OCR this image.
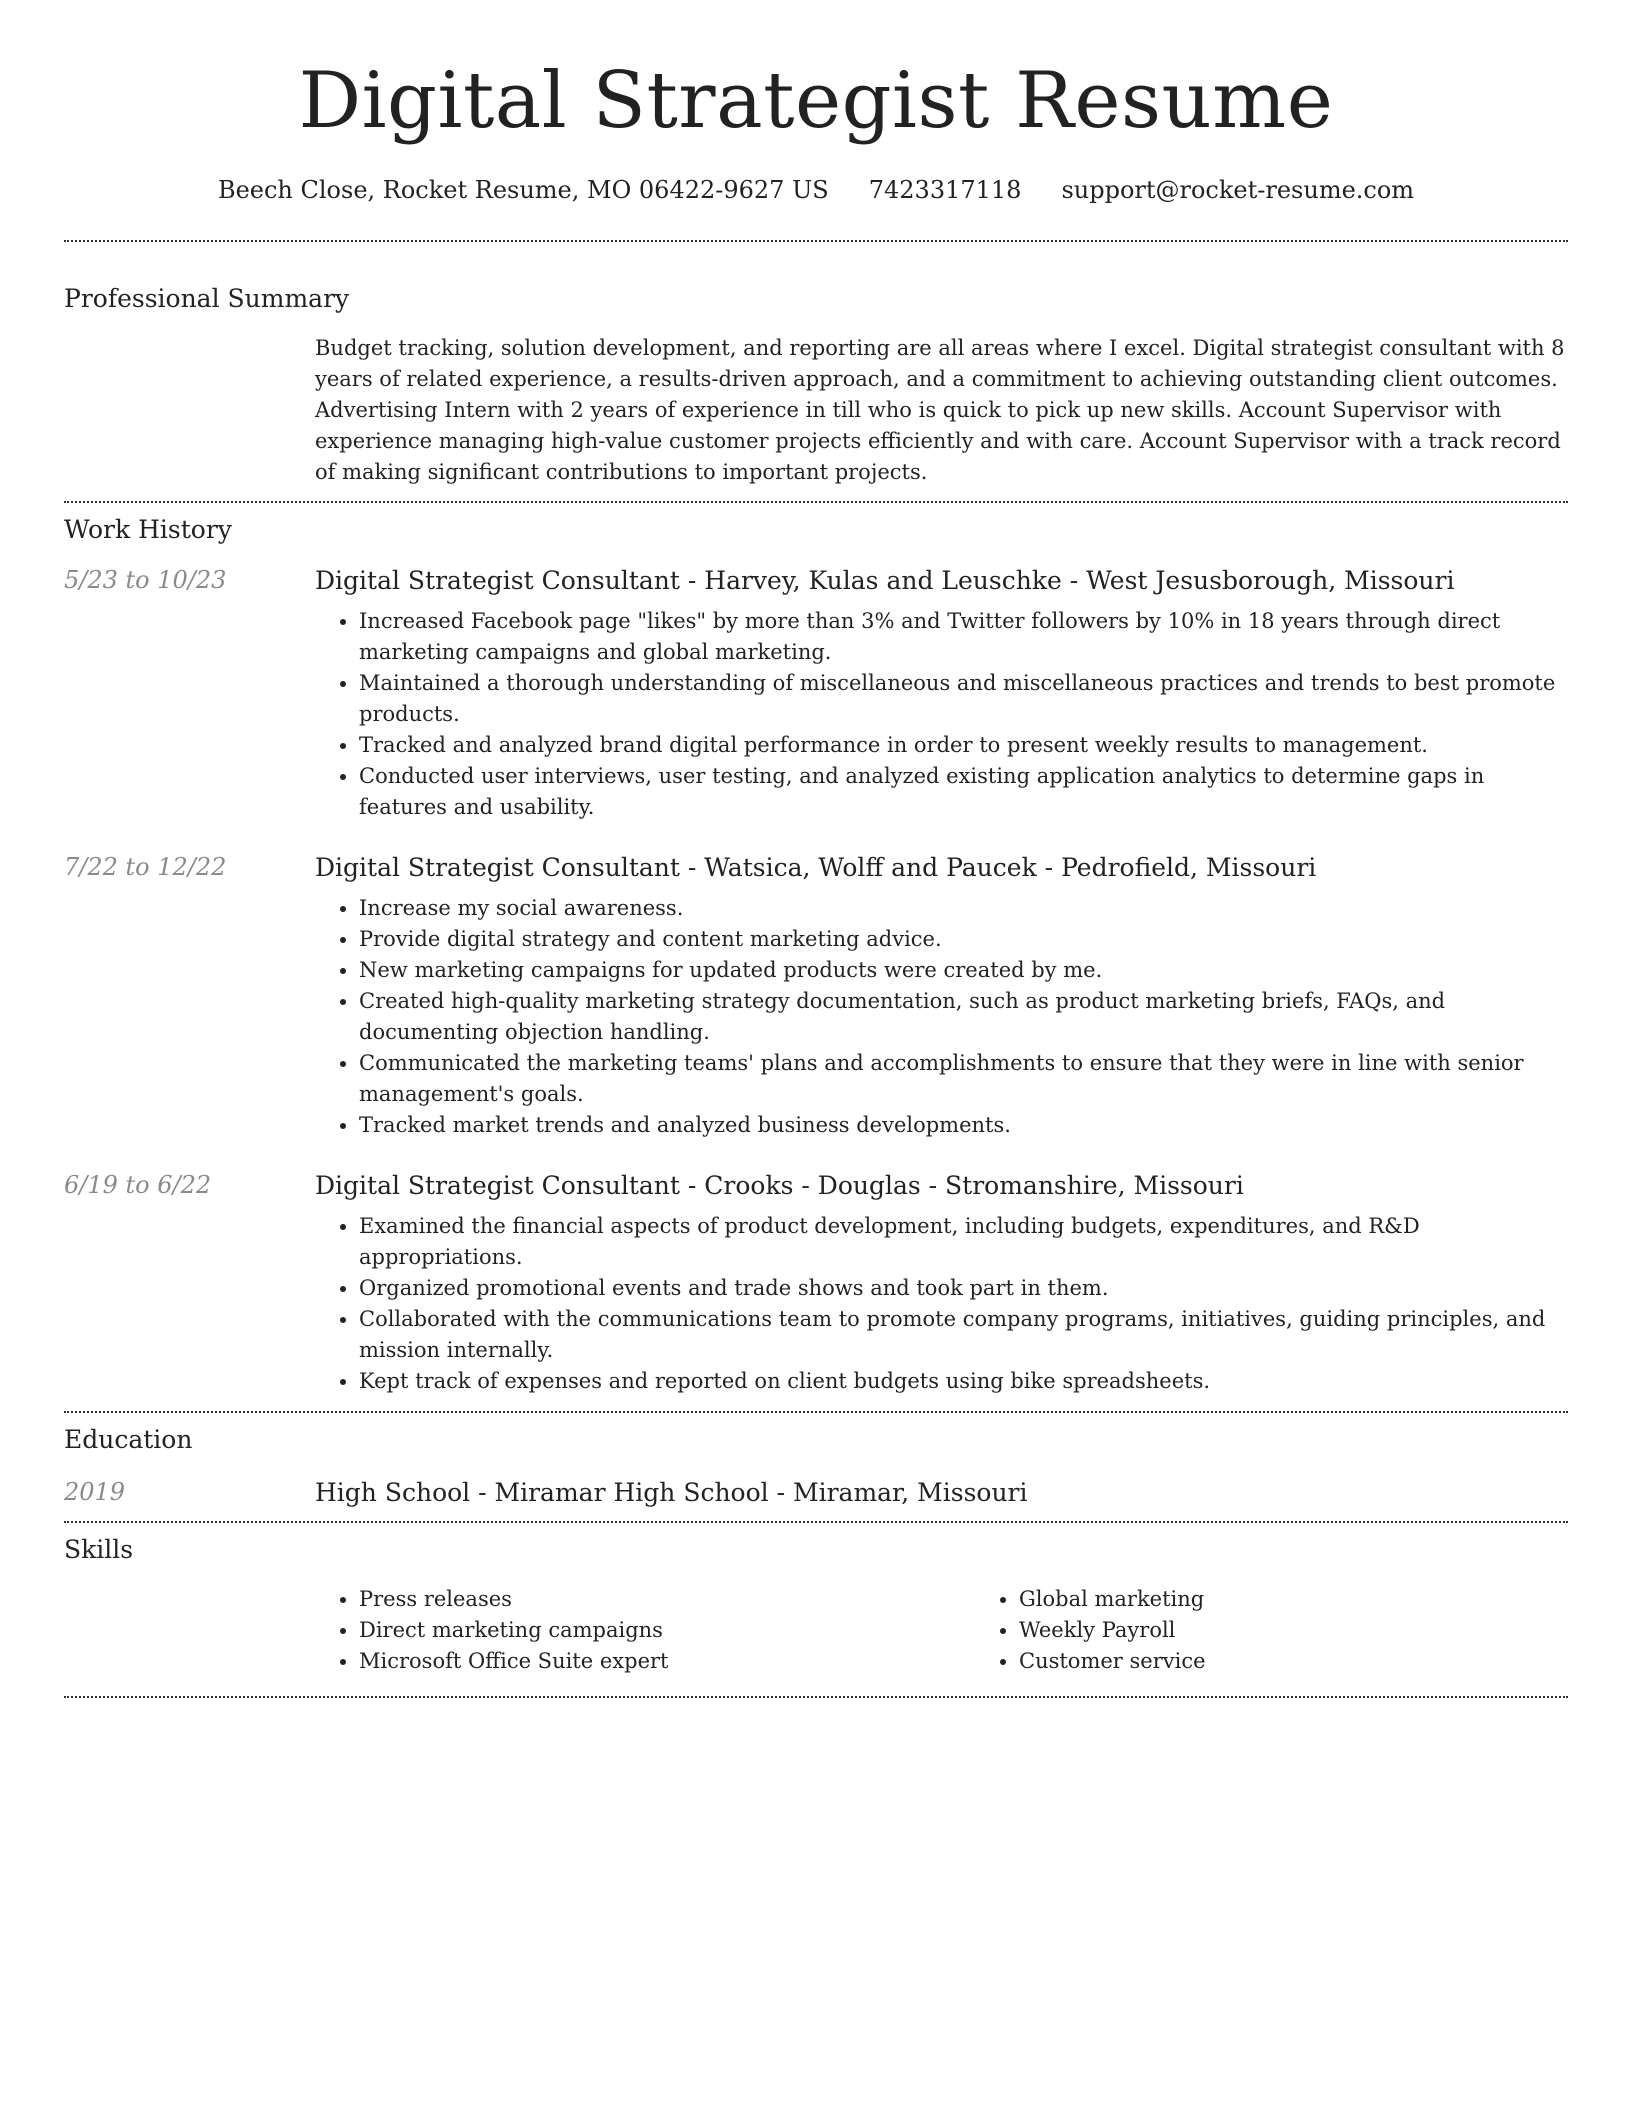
Digital Strategist Resume
Beech Close, Rocket Resume, MO 06422-9627 US 7423317118 support@rocket-resume.com
Professional Summary
Budget tracking, solution development, and reporting are all areas where I excel. Digital strategist consultant with 8 years of related experience, a results-driven approach, and a commitment to achieving outstanding client outcomes. Advertising Intern with 2 years of experience in till who is quick to pick up new skills. Account Supervisor with experience managing high-value customer projects efficiently and with care. Account Supervisor with a track record of making significant contributions to important projects.
Work History
5/23 to 10/23	Digital Strategist Consultant - Harvey, Kulas and Leuschke - West Jesusborough, Missouri
• Increased Facebook page "likes" by more than 3% and Twitter followers by 10% in 18 years through direct marketing campaigns and global marketing.
• Maintained a thorough understanding of miscellaneous and miscellaneous practices and trends to best promote products.
• Tracked and analyzed brand digital performance in order to present weekly results to management.
• Conducted user interviews, user testing, and analyzed existing application analytics to determine gaps in features and usability.
7/22 to 12/22	Digital Strategist Consultant - Watsica, Wolff and Paucek - Pedrofield, Missouri
• Increase my social awareness.
• Provide digital strategy and content marketing advice.
• New marketing campaigns for updated products were created by me.
• Created high-quality marketing strategy documentation, such as product marketing briefs, FAQs, and documenting objection handling.
• Communicated the marketing teams' plans and accomplishments to ensure that they were in line with senior management's goals.
• Tracked market trends and analyzed business developments.
6/19 to 6/22	Digital Strategist Consultant - Crooks - Douglas - Stromanshire, Missouri
• Examined the financial aspects of product development, including budgets, expenditures, and R&D appropriations.
• Organized promotional events and trade shows and took part in them.
• Collaborated with the communications team to promote company programs, initiatives, guiding principles, and mission internally.
• Kept track of expenses and reported on client budgets using bike spreadsheets.
Education
2019	High School - Miramar High School - Miramar, Missouri
Skills
• Press releases
• Direct marketing campaigns
• Microsoft Office Suite expert
• Global marketing
• Weekly Payroll
• Customer service
